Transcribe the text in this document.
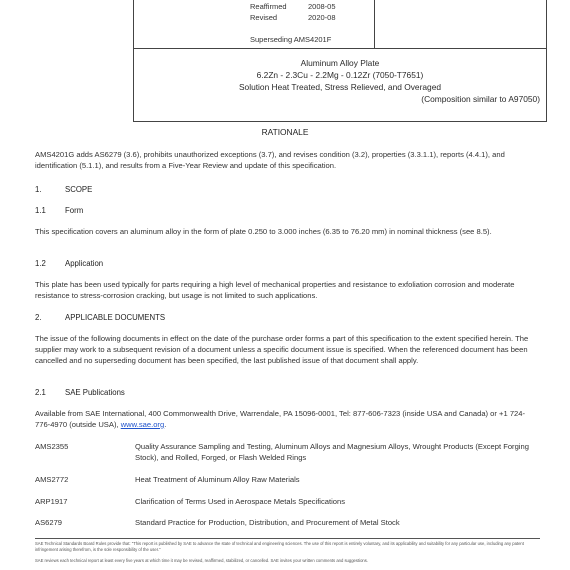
Reaffirmed	2008-05
Revised	2020-08
Superseding AMS4201F
Aluminum Alloy Plate
6.2Zn - 2.3Cu - 2.2Mg - 0.12Zr (7050-T7651)
Solution Heat Treated, Stress Relieved, and Overaged
(Composition similar to A97050)
RATIONALE
AMS4201G adds AS6279 (3.6), prohibits unauthorized exceptions (3.7), and revises condition (3.2), properties (3.3.1.1), reports (4.4.1), and identification (5.1.1), and results from a Five-Year Review and update of this specification.
1.	SCOPE
1.1 Form
This specification covers an aluminum alloy in the form of plate 0.250 to 3.000 inches (6.35 to 76.20 mm) in nominal thickness (see 8.5).
1.2 Application
This plate has been used typically for parts requiring a high level of mechanical properties and resistance to exfoliation corrosion and moderate resistance to stress-corrosion cracking, but usage is not limited to such applications.
2.	APPLICABLE DOCUMENTS
The issue of the following documents in effect on the date of the purchase order forms a part of this specification to the extent specified herein. The supplier may work to a subsequent revision of a document unless a specific document issue is specified. When the referenced document has been cancelled and no superseding document has been specified, the last published issue of that document shall apply.
2.1 SAE Publications
Available from SAE International, 400 Commonwealth Drive, Warrendale, PA 15096-0001, Tel: 877-606-7323 (inside USA and Canada) or +1 724-776-4970 (outside USA), www.sae.org.
AMS2355	Quality Assurance Sampling and Testing, Aluminum Alloys and Magnesium Alloys, Wrought Products (Except Forging Stock), and Rolled, Forged, or Flash Welded Rings
AMS2772	Heat Treatment of Aluminum Alloy Raw Materials
ARP1917	Clarification of Terms Used in Aerospace Metals Specifications
AS6279	Standard Practice for Production, Distribution, and Procurement of Metal Stock
SAE Technical Standards Board Rules provide that: "This report is published by SAE to advance the state of technical and engineering sciences. The use of this report is entirely voluntary, and its applicability and suitability for any particular use, including any patent infringement arising therefrom, is the sole responsibility of the user."
SAE reviews each technical report at least every five years at which time it may be revised, reaffirmed, stabilized, or cancelled. SAE invites your written comments and suggestions.
